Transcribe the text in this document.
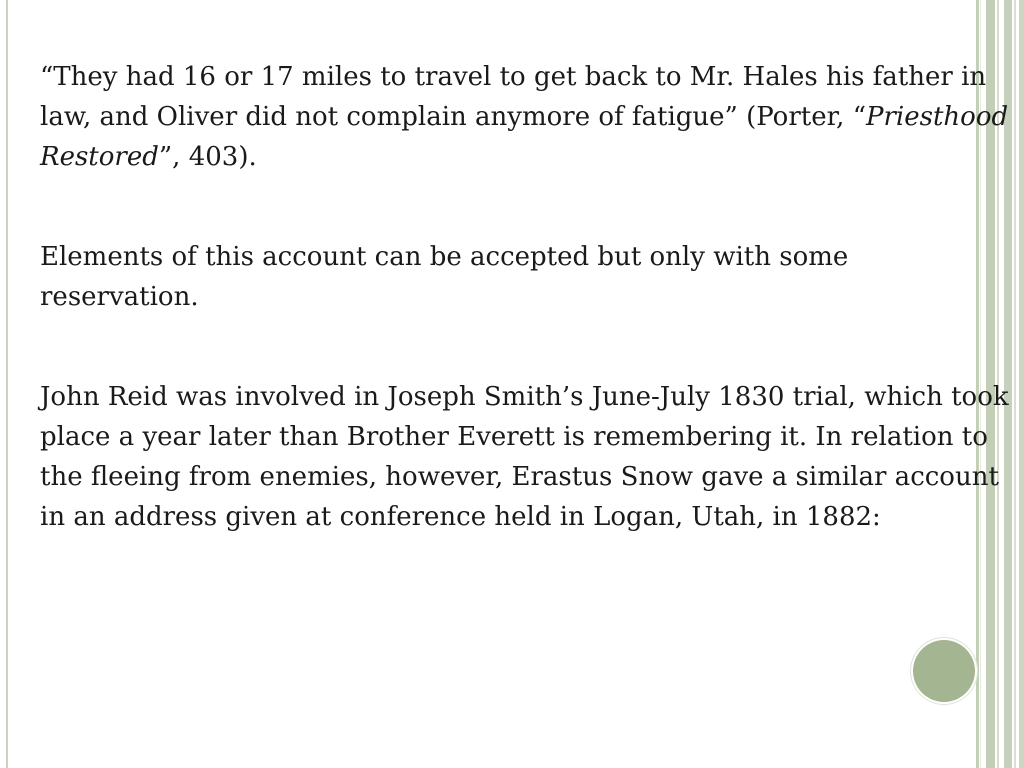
“They had 16 or 17 miles to travel to get back to Mr. Hales his father in law, and Oliver did not complain anymore of fatigue” (Porter, “Priesthood Restored”, 403).

Elements of this account can be accepted but only with some reservation.

John Reid was involved in Joseph Smith’s June-July 1830 trial, which took place a year later than Brother Everett is remembering it. In relation to the fleeing from enemies, however, Erastus Snow gave a similar account in an address given at conference held in Logan, Utah, in 1882:
